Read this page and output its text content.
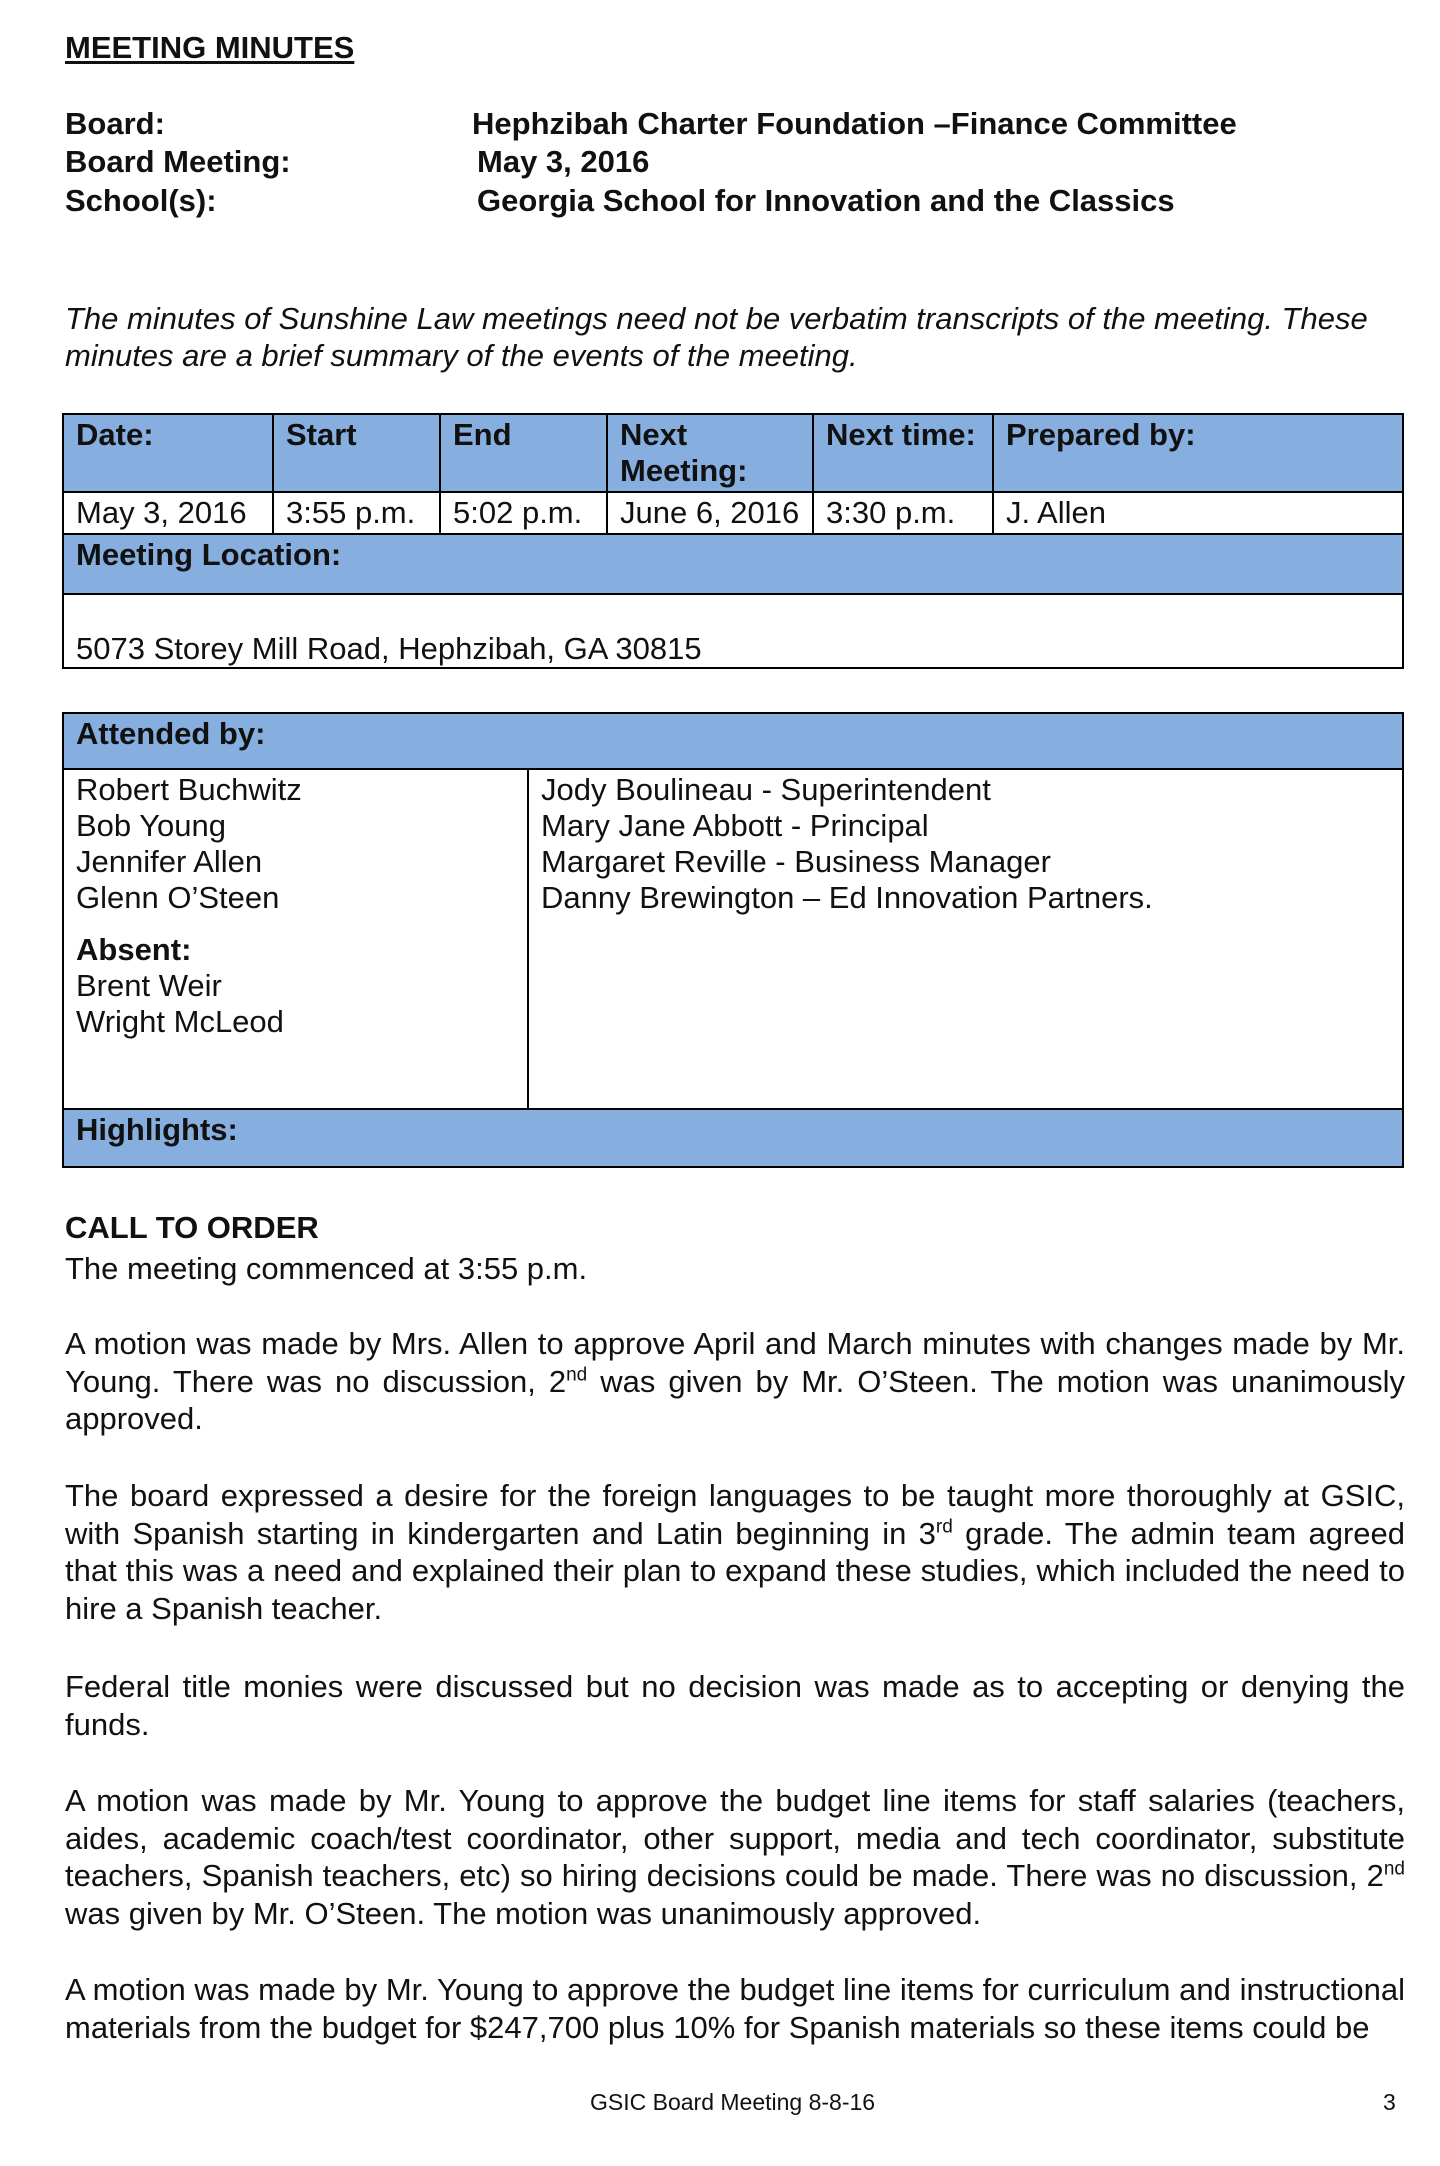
MEETING MINUTES
Board:	Hephzibah Charter Foundation –Finance Committee
Board Meeting:	May 3, 2016
School(s):	Georgia School for Innovation and the Classics
The minutes of Sunshine Law meetings need not be verbatim transcripts of the meeting. These minutes are a brief summary of the events of the meeting.
Date:	Start	End	Next Meeting:	Next time:	Prepared by:
May 3, 2016	3:55 p.m.	5:02 p.m.	June 6, 2016	3:30 p.m.	J. Allen
Meeting Location:					
5073 Storey Mill Road, Hephzibah, GA 30815					
Attended by:

Robert Buchwitz
Bob Young
Jennifer Allen
Glenn O’Steen
Absent:
Brent Weir
Wright McLeod

Jody Boulineau - Superintendent
Mary Jane Abbott - Principal
Margaret Reville - Business Manager
Danny Brewington – Ed Innovation Partners.

Highlights:
CALL TO ORDER
The meeting commenced at 3:55 p.m.
A motion was made by Mrs. Allen to approve April and March minutes with changes made by Mr. Young. There was no discussion, 2nd was given by Mr. O’Steen. The motion was unanimously approved.
The board expressed a desire for the foreign languages to be taught more thoroughly at GSIC, with Spanish starting in kindergarten and Latin beginning in 3rd grade. The admin team agreed that this was a need and explained their plan to expand these studies, which included the need to hire a Spanish teacher.
Federal title monies were discussed but no decision was made as to accepting or denying the funds.
A motion was made by Mr. Young to approve the budget line items for staff salaries (teachers, aides, academic coach/test coordinator, other support, media and tech coordinator, substitute teachers, Spanish teachers, etc) so hiring decisions could be made. There was no discussion, 2nd was given by Mr. O’Steen. The motion was unanimously approved.
A motion was made by Mr. Young to approve the budget line items for curriculum and instructional materials from the budget for $247,700 plus 10% for Spanish materials so these items could be
GSIC Board Meeting 8-8-16	3
